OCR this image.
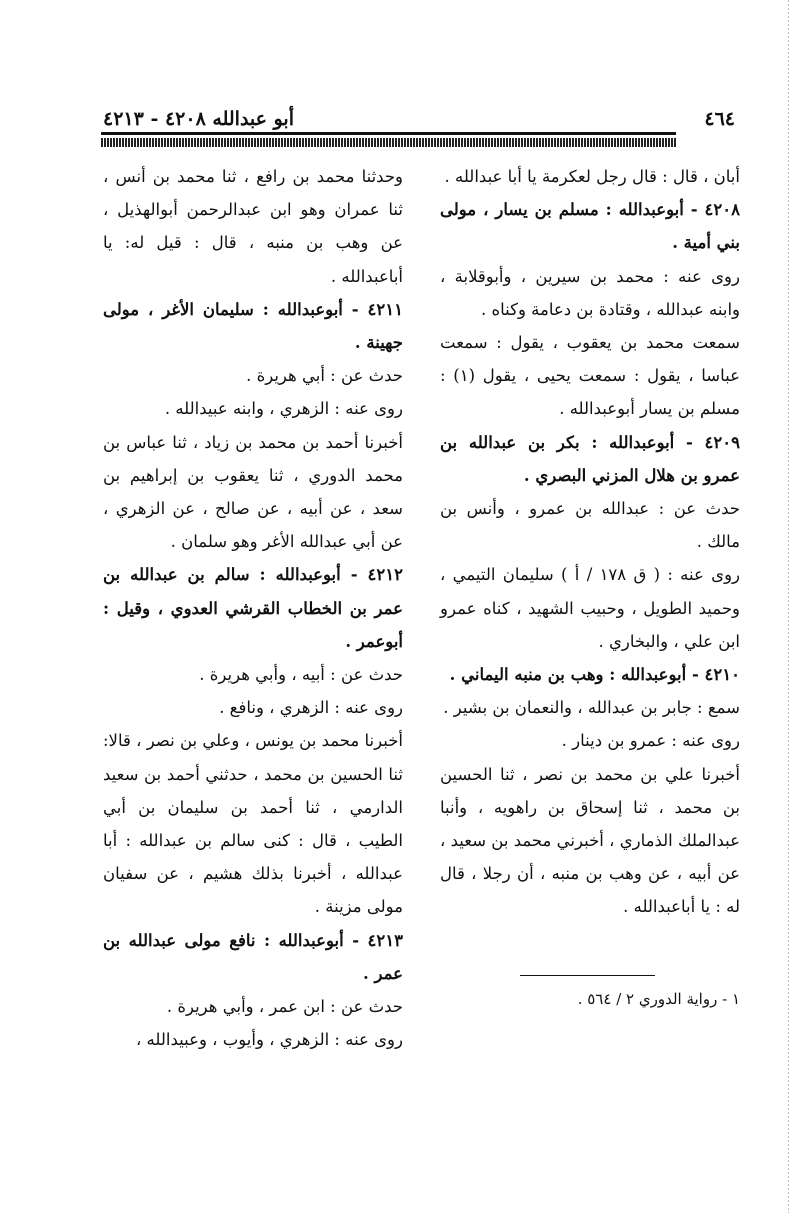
٤٦٤
أبو عبدالله ٤٢٠٨ - ٤٢١٣

أبان ، قال : قال رجل لعكرمة يا أبا عبدالله .

٤٢٠٨ - أبوعبدالله : مسلم بن يسار ، مولى بني أمية .

روى عنه : محمد بن سيرين ، وأبوقلابة ، وابنه عبدالله ، وقتادة بن دعامة وكناه .

سمعت محمد بن يعقوب ، يقول : سمعت عباسا ، يقول : سمعت يحيى ، يقول (١) : مسلم بن يسار أبوعبدالله .

٤٢٠٩ - أبوعبدالله : بكر بن عبدالله بن عمرو بن هلال المزني البصري .

حدث عن : عبدالله بن عمرو ، وأنس بن مالك .

روى عنه : ( ق ١٧٨ / أ ) سليمان التيمي ، وحميد الطويل ، وحبيب الشهيد ، كناه عمرو ابن علي ، والبخاري .

٤٢١٠ - أبوعبدالله : وهب بن منبه اليماني .

سمع : جابر بن عبدالله ، والنعمان بن بشير .

روى عنه : عمرو بن دينار .

أخبرنا علي بن محمد بن نصر ، ثنا الحسين بن محمد ، ثنا إسحاق بن راهويه ، وأنبا عبدالملك الذماري ، أخبرني محمد بن سعيد ، عن أبيه ، عن وهب بن منبه ، أن رجلا ، قال له : يا أباعبدالله .

وحدثنا محمد بن رافع ، ثنا محمد بن أنس ، ثنا عمران وهو ابن عبدالرحمن أبوالهذيل ، عن وهب بن منبه ، قال : قيل له: يا أباعبدالله .

٤٢١١ - أبوعبدالله : سليمان الأغر ، مولى جهينة .

حدث عن : أبي هريرة .

روى عنه : الزهري ، وابنه عبيدالله .

أخبرنا أحمد بن محمد بن زياد ، ثنا عباس بن محمد الدوري ، ثنا يعقوب بن إبراهيم بن سعد ، عن أبيه ، عن صالح ، عن الزهري ، عن أبي عبدالله الأغر وهو سلمان .

٤٢١٢ - أبوعبدالله : سالم بن عبدالله بن عمر بن الخطاب القرشي العدوي ، وقيل : أبوعمر .

حدث عن : أبيه ، وأبي هريرة .

روى عنه : الزهري ، ونافع .

أخبرنا محمد بن يونس ، وعلي بن نصر ، قالا: ثنا الحسين بن محمد ، حدثني أحمد بن سعيد الدارمي ، ثنا أحمد بن سليمان بن أبي الطيب ، قال : كنى سالم بن عبدالله : أبا عبدالله ، أخبرنا بذلك هشيم ، عن سفيان مولى مزينة .

٤٢١٣ - أبوعبدالله : نافع مولى عبدالله بن عمر .

حدث عن : ابن عمر ، وأبي هريرة .

روى عنه : الزهري ، وأيوب ، وعبيدالله ،

١ - رواية الدوري ٢ / ٥٦٤ .
